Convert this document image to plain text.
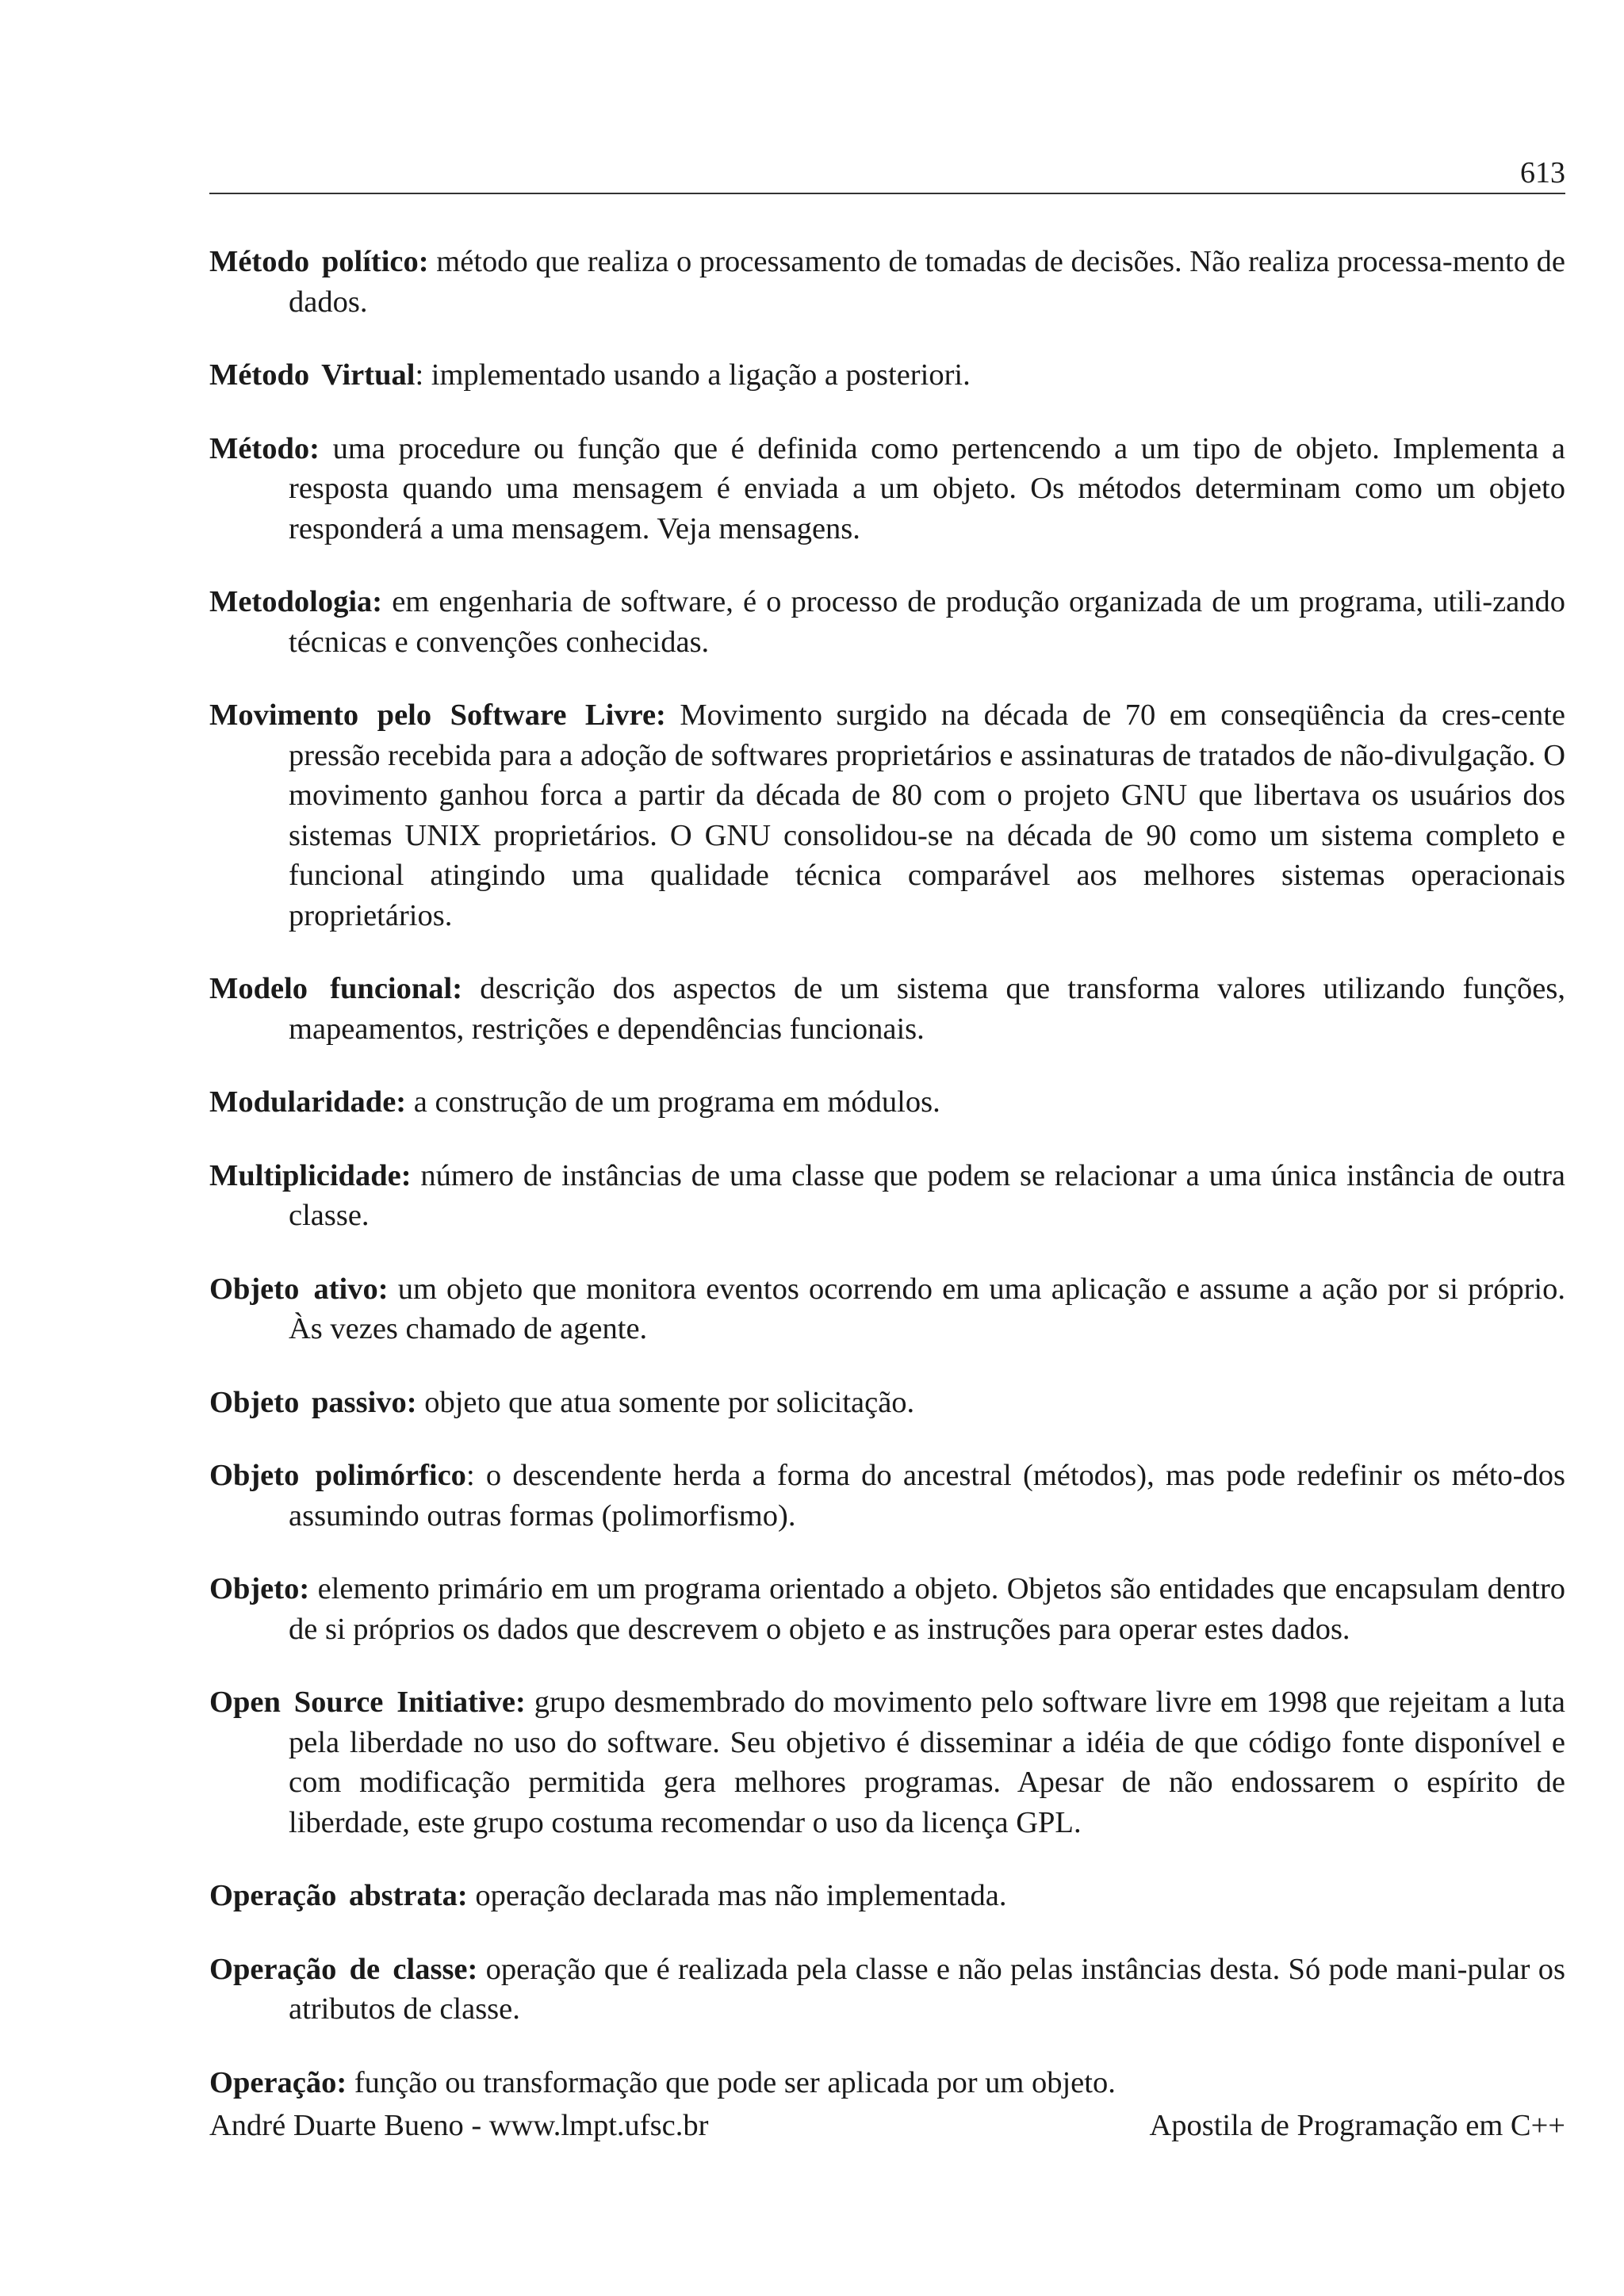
613

Método político: método que realiza o processamento de tomadas de decisões. Não realiza processa-mento de dados.

Método Virtual: implementado usando a ligação a posteriori.

Método: uma procedure ou função que é definida como pertencendo a um tipo de objeto. Implementa a resposta quando uma mensagem é enviada a um objeto. Os métodos determinam como um objeto responderá a uma mensagem. Veja mensagens.

Metodologia: em engenharia de software, é o processo de produção organizada de um programa, utili-zando técnicas e convenções conhecidas.

Movimento pelo Software Livre: Movimento surgido na década de 70 em conseqüência da cres-cente pressão recebida para a adoção de softwares proprietários e assinaturas de tratados de não-divulgação. O movimento ganhou forca a partir da década de 80 com o projeto GNU que libertava os usuários dos sistemas UNIX proprietários. O GNU consolidou-se na década de 90 como um sistema completo e funcional atingindo uma qualidade técnica comparável aos melhores sistemas operacionais proprietários.

Modelo funcional: descrição dos aspectos de um sistema que transforma valores utilizando funções, mapeamentos, restrições e dependências funcionais.

Modularidade: a construção de um programa em módulos.

Multiplicidade: número de instâncias de uma classe que podem se relacionar a uma única instância de outra classe.

Objeto ativo: um objeto que monitora eventos ocorrendo em uma aplicação e assume a ação por si próprio. Às vezes chamado de agente.

Objeto passivo: objeto que atua somente por solicitação.

Objeto polimórfico: o descendente herda a forma do ancestral (métodos), mas pode redefinir os méto-dos assumindo outras formas (polimorfismo).

Objeto: elemento primário em um programa orientado a objeto. Objetos são entidades que encapsulam dentro de si próprios os dados que descrevem o objeto e as instruções para operar estes dados.

Open Source Initiative: grupo desmembrado do movimento pelo software livre em 1998 que rejeitam a luta pela liberdade no uso do software. Seu objetivo é disseminar a idéia de que código fonte disponível e com modificação permitida gera melhores programas. Apesar de não endossarem o espírito de liberdade, este grupo costuma recomendar o uso da licença GPL.

Operação abstrata: operação declarada mas não implementada.

Operação de classe: operação que é realizada pela classe e não pelas instâncias desta. Só pode mani-pular os atributos de classe.

Operação: função ou transformação que pode ser aplicada por um objeto.

André Duarte Bueno - www.lmpt.ufsc.br	Apostila de Programação em C++
